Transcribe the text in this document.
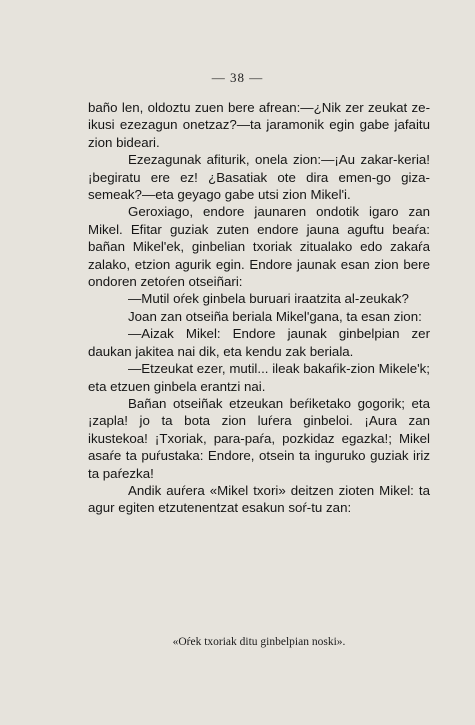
— 38 —

baño len, oldoztu zuen bere afrean:—¿Nik zer zeukat ze-ikusi ezezagun onetzaz?—ta jaramonik egin gabe jafaitu zion bideari.

Ezezagunak afiturik, onela zion:—¡Au zakar-keria! ¡begiratu ere ez! ¿Basatiak ote dira emen-go giza-semeak?—eta geyago gabe utsi zion Mikel'i.

Geroxiago, endore jaunaren ondotik igaro zan Mikel. Efitar guziak zuten endore jauna aguftu beaŕa: bañan Mikel'ek, ginbelian txoriak zitualako edo zakaŕa zalako, etzion agurik egin. Endore jaunak esan zion bere ondoren zetoŕen otseiñari:

—Mutil oŕek ginbela buruari iraatzita al-zeukak?

Joan zan otseiña beriala Mikel'gana, ta esan zion:

—Aizak Mikel: Endore jaunak ginbelpian zer daukan jakitea nai dik, eta kendu zak beriala.

—Etzeukat ezer, mutil... ileak bakaŕik-zion Mikele'k; eta etzuen ginbela erantzi nai.

Bañan otseiñak etzeukan beŕiketako gogorik; eta ¡zapla! jo ta bota zion luŕera ginbeloi. ¡Aura zan ikustekoa! ¡Txoriak, para-paŕa, pozkidaz egazka!; Mikel asaŕe ta puŕustaka: Endore, otsein ta inguruko guziak iriz ta paŕezka!

Andik auŕera «Mikel txori» deitzen zioten Mikel: ta agur egiten etzutenentzat esakun soŕ-tu zan:

«Oŕek txoriak ditu ginbelpian noski».
